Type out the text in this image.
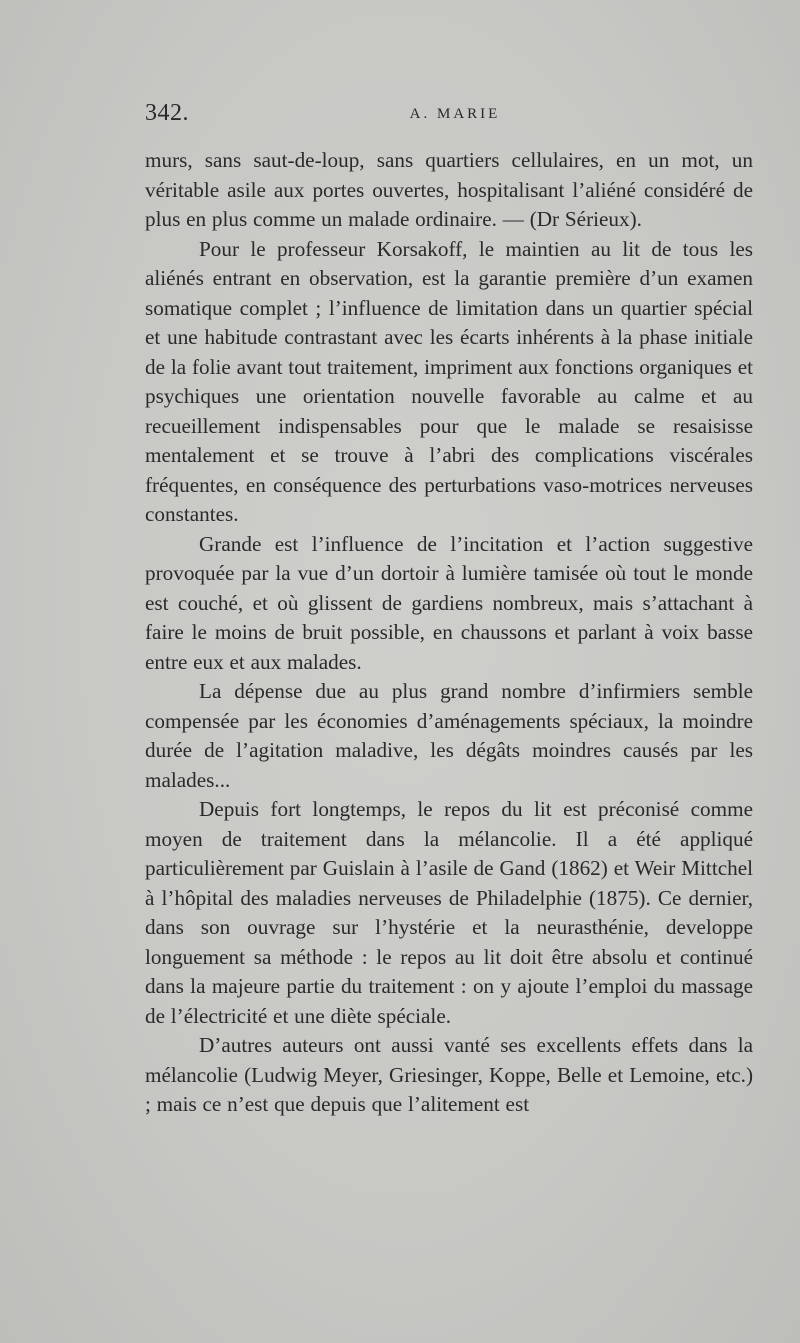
342.	A. MARIE

murs, sans saut-de-loup, sans quartiers cellulaires, en un mot, un véritable asile aux portes ouvertes, hospitalisant l’aliéné considéré de plus en plus comme un malade ordinaire. — (Dr Sérieux).

Pour le professeur Korsakoff, le maintien au lit de tous les aliénés entrant en observation, est la garantie première d’un examen somatique complet ; l’influence de limitation dans un quartier spécial et une habitude contrastant avec les écarts inhérents à la phase initiale de la folie avant tout traitement, impriment aux fonctions organiques et psychiques une orientation nouvelle favorable au calme et au recueillement indispensables pour que le malade se resaisisse mentalement et se trouve à l’abri des complications viscérales fréquentes, en conséquence des perturbations vaso-motrices nerveuses constantes.

Grande est l’influence de l’incitation et l’action suggestive provoquée par la vue d’un dortoir à lumière tamisée où tout le monde est couché, et où glissent de gardiens nombreux, mais s’attachant à faire le moins de bruit possible, en chaussons et parlant à voix basse entre eux et aux malades.

La dépense due au plus grand nombre d’infirmiers semble compensée par les économies d’aménagements spéciaux, la moindre durée de l’agitation maladive, les dégâts moindres causés par les malades...

Depuis fort longtemps, le repos du lit est préconisé comme moyen de traitement dans la mélancolie. Il a été appliqué particulièrement par Guislain à l’asile de Gand (1862) et Weir Mittchel à l’hôpital des maladies nerveuses de Philadelphie (1875). Ce dernier, dans son ouvrage sur l’hystérie et la neurasthénie, developpe longuement sa méthode : le repos au lit doit être absolu et continué dans la majeure partie du traitement : on y ajoute l’emploi du massage de l’électricité et une diète spéciale.

D’autres auteurs ont aussi vanté ses excellents effets dans la mélancolie (Ludwig Meyer, Griesinger, Koppe, Belle et Lemoine, etc.) ; mais ce n’est que depuis que l’alitement est
